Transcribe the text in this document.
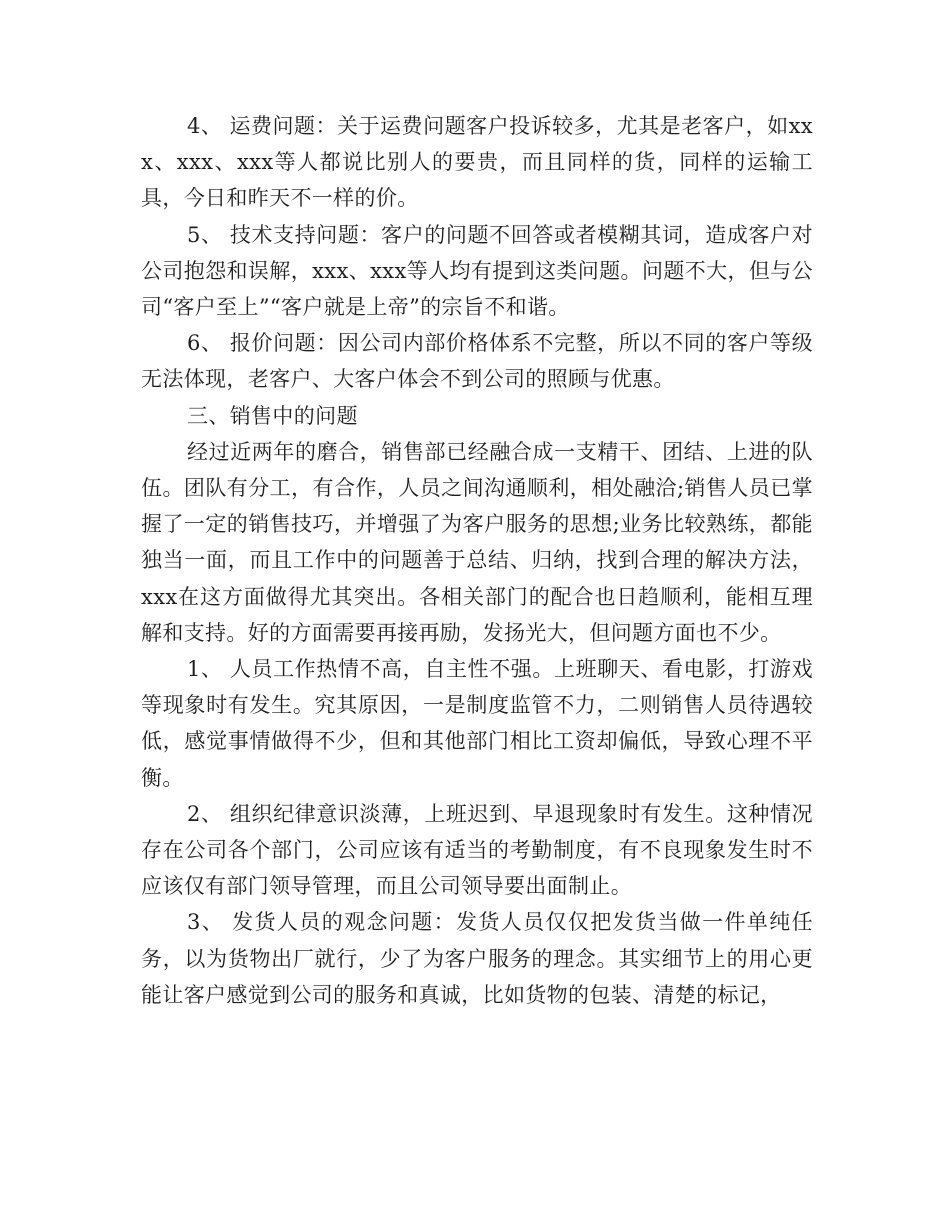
4、 运费问题：关于运费问题客户投诉较多，尤其是老客户，如xxx、xxx、xxx等人都说比别人的要贵，而且同样的货，同样的运输工具，今日和昨天不一样的价。

5、 技术支持问题：客户的问题不回答或者模糊其词，造成客户对公司抱怨和误解，xxx、xxx等人均有提到这类问题。问题不大，但与公司“客户至上”“客户就是上帝”的宗旨不和谐。

6、 报价问题：因公司内部价格体系不完整，所以不同的客户等级无法体现，老客户、大客户体会不到公司的照顾与优惠。

三、销售中的问题

经过近两年的磨合，销售部已经融合成一支精干、团结、上进的队伍。团队有分工，有合作，人员之间沟通顺利，相处融洽;销售人员已掌握了一定的销售技巧，并增强了为客户服务的思想;业务比较熟练，都能独当一面，而且工作中的问题善于总结、归纳，找到合理的解决方法，xxx在这方面做得尤其突出。各相关部门的配合也日趋顺利，能相互理解和支持。好的方面需要再接再励，发扬光大，但问题方面也不少。

1、 人员工作热情不高，自主性不强。上班聊天、看电影，打游戏等现象时有发生。究其原因，一是制度监管不力，二则销售人员待遇较低，感觉事情做得不少，但和其他部门相比工资却偏低，导致心理不平衡。

2、 组织纪律意识淡薄，上班迟到、早退现象时有发生。这种情况存在公司各个部门，公司应该有适当的考勤制度，有不良现象发生时不应该仅有部门领导管理，而且公司领导要出面制止。

3、 发货人员的观念问题：发货人员仅仅把发货当做一件单纯任务，以为货物出厂就行，少了为客户服务的理念。其实细节上的用心更能让客户感觉到公司的服务和真诚，比如货物的包装、清楚的标记，
